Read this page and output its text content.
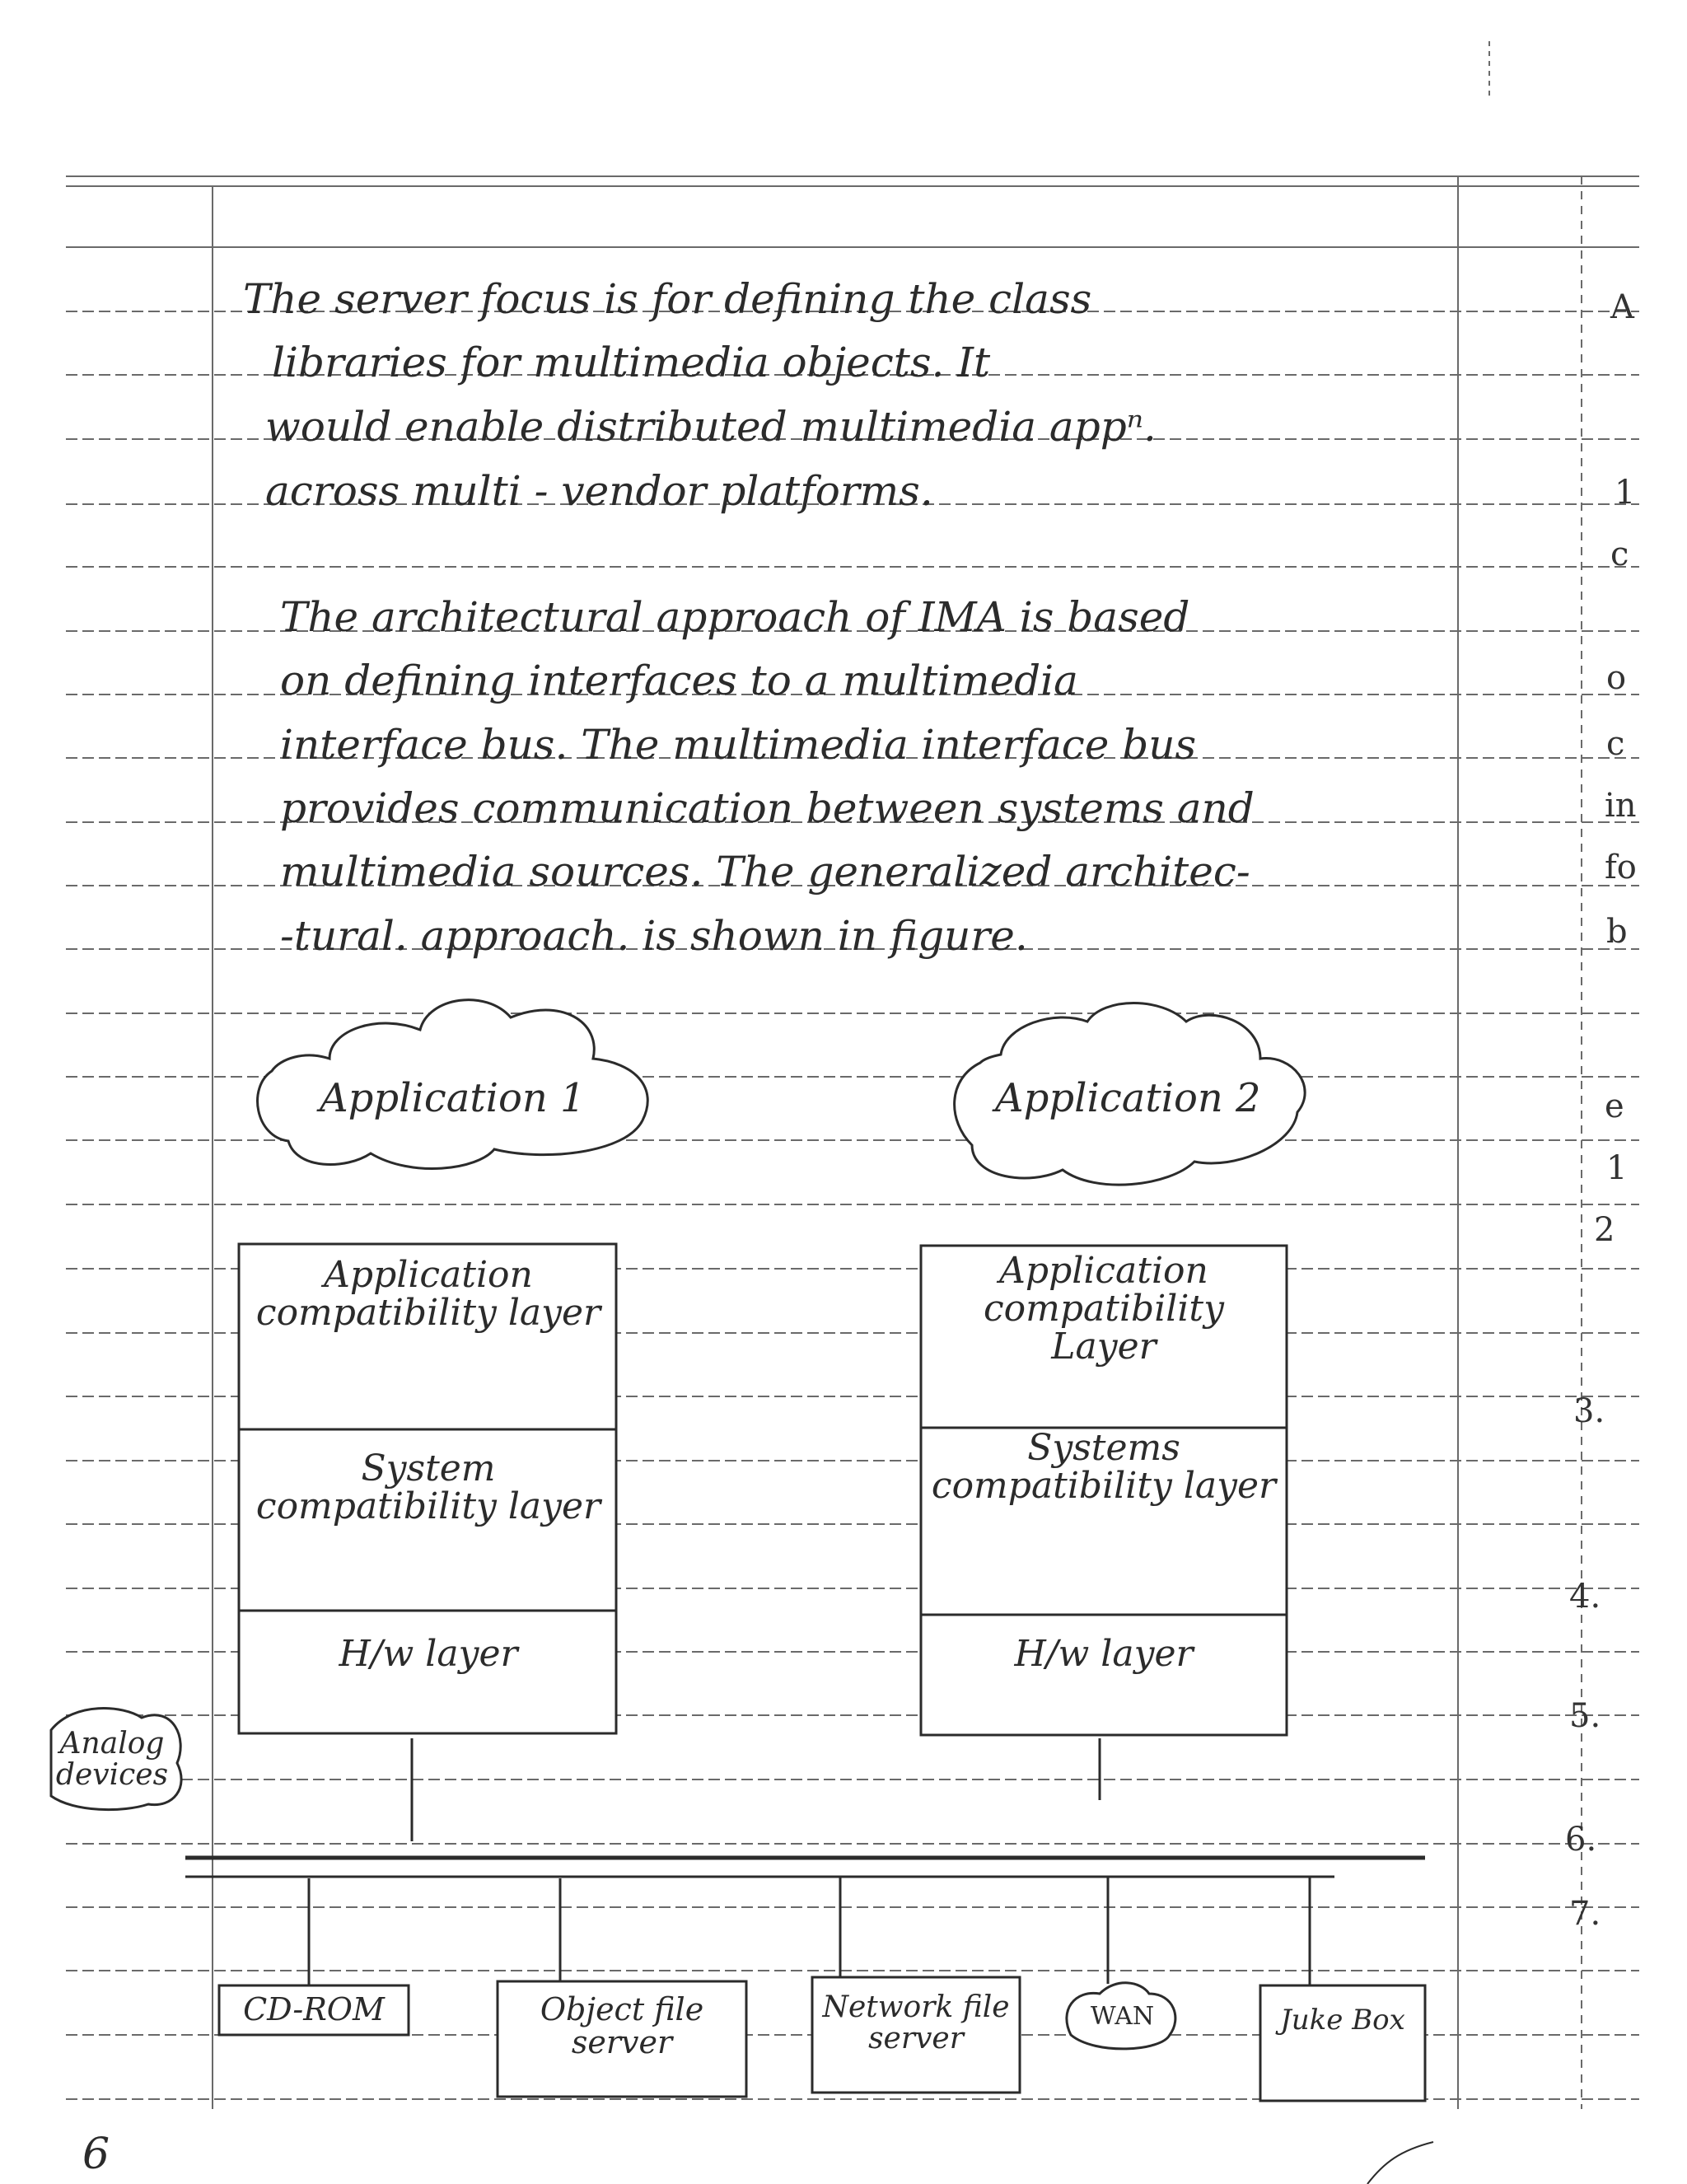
The server focus is for defining the class
libraries for multimedia objects. It
would enable distributed multimedia appⁿ.
across multi - vendor platforms.
The architectural approach of IMA is based
on defining interfaces to a multimedia
interface bus. The multimedia interface bus
provides communication between systems and
multimedia sources. The generalized architec-
-tural. approach. is shown in figure.
Application 1	Application 2
Application compatibility layer
System compatibility layer
H/w layer
Application compatibility Layer
Systems compatibility layer
H/w layer
Analog devices
CD-ROM	Object file server
Network file server
WAN	Juke Box
A
1
c
o
c
in
fo
b
e
1
2
3.
4.
5.
6.
7.
6
